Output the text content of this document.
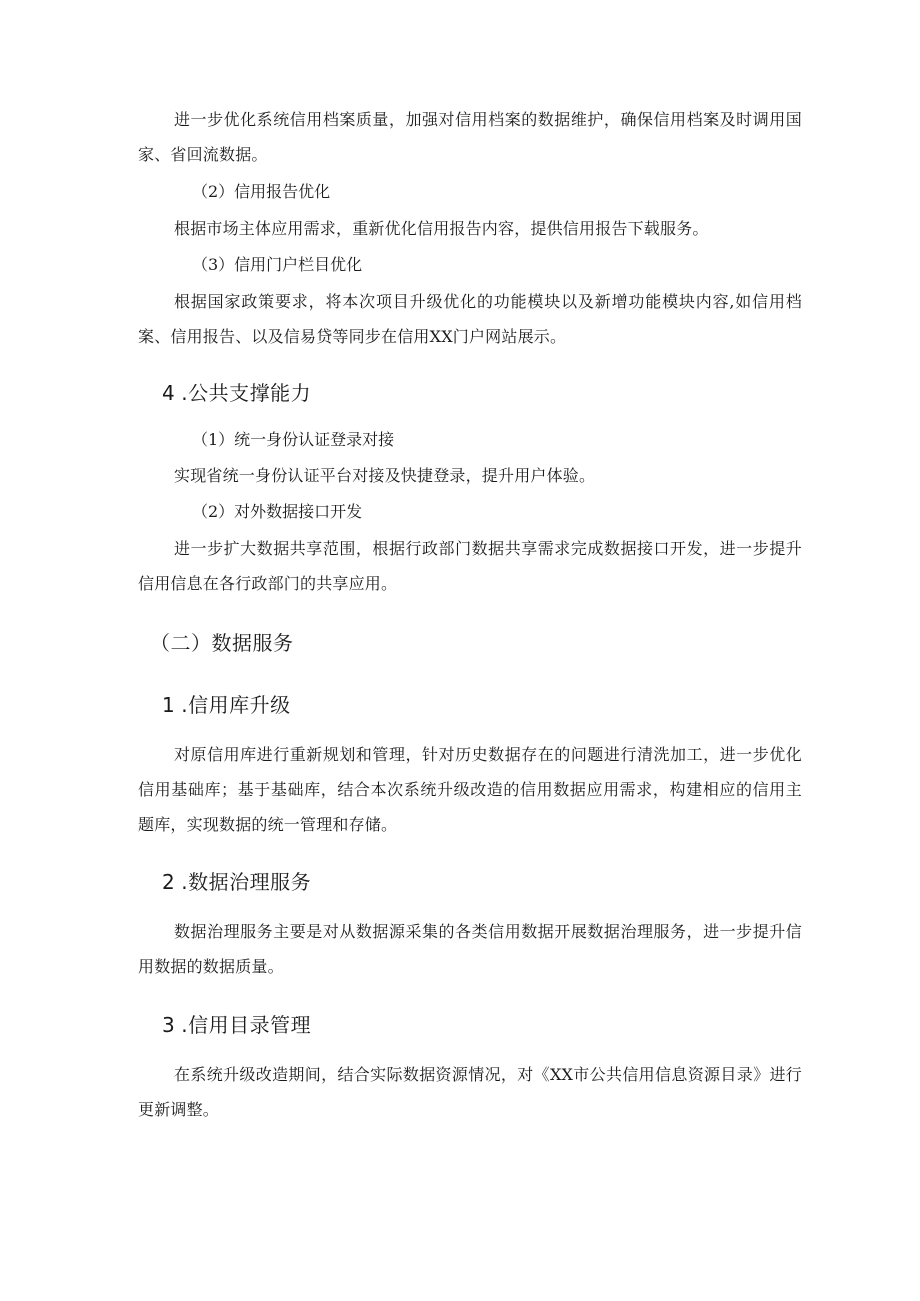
进一步优化系统信用档案质量，加强对信用档案的数据维护，确保信用档案及时调用国家、省回流数据。

（2）信用报告优化

根据市场主体应用需求，重新优化信用报告内容，提供信用报告下载服务。

（3）信用门户栏目优化

根据国家政策要求，将本次项目升级优化的功能模块以及新增功能模块内容,如信用档案、信用报告、以及信易贷等同步在信用XX门户网站展示。

4 .公共支撑能力
（1）统一身份认证登录对接

实现省统一身份认证平台对接及快捷登录，提升用户体验。

（2）对外数据接口开发

进一步扩大数据共享范围，根据行政部门数据共享需求完成数据接口开发，进一步提升信用信息在各行政部门的共享应用。

（二）数据服务
1 .信用库升级

对原信用库进行重新规划和管理，针对历史数据存在的问题进行清洗加工，进一步优化信用基础库；基于基础库，结合本次系统升级改造的信用数据应用需求，构建相应的信用主题库，实现数据的统一管理和存储。

2 .数据治理服务

数据治理服务主要是对从数据源采集的各类信用数据开展数据治理服务，进一步提升信用数据的数据质量。

3 .信用目录管理

在系统升级改造期间，结合实际数据资源情况，对《XX市公共信用信息资源目录》进行更新调整。
